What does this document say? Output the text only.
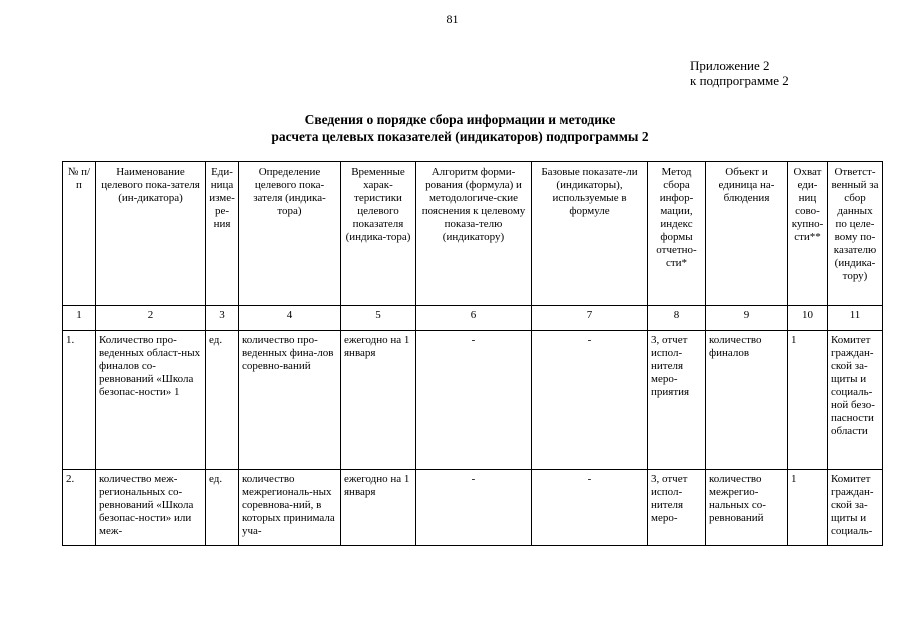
81
Приложение 2
к подпрограмме 2
Сведения о порядке сбора информации и методике
расчета целевых показателей (индикаторов) подпрограммы 2
№ п/п	Наименование целевого пока-зателя (ин-дикатора)	Еди-ница изме-ре-ния	Определение целевого пока-зателя (индика-тора)	Временные харак-теристики целевого показателя (индика-тора)	Алгоритм форми-рования (формула) и методологиче-ские пояснения к целевому показа-телю (индикатору)	Базовые показате-ли (индикаторы), используемые в формуле	Метод сбора инфор-мации, индекс формы отчетно-сти*	Объект и единица на-блюдения	Охват еди-ниц сово-купно-сти**	Ответст-венный за сбор данных по целе-вому по-казателю (индика-тору)
1	2	3	4	5	6	7	8	9	10	11
1.	Количество про-веденных област-ных финалов со-ревнований «Школа безопас-ности» 1	ед.	количество про-веденных фина-лов соревно-ваний	ежегодно на 1 января	-	-	3, отчет испол-нителя меро-приятия	количество финалов	1	Комитет граждан-ской за-щиты и социаль-ной безо-пасности области
2.	количество меж-региональных со-ревнований «Школа безопас-ности» или меж-	ед.	количество межрегиональ-ных соревнова-ний, в которых принимала уча-	ежегодно на 1 января	-	-	3, отчет испол-нителя меро-	количество межрегио-нальных со-ревнований	1	Комитет граждан-ской за-щиты и социаль-
